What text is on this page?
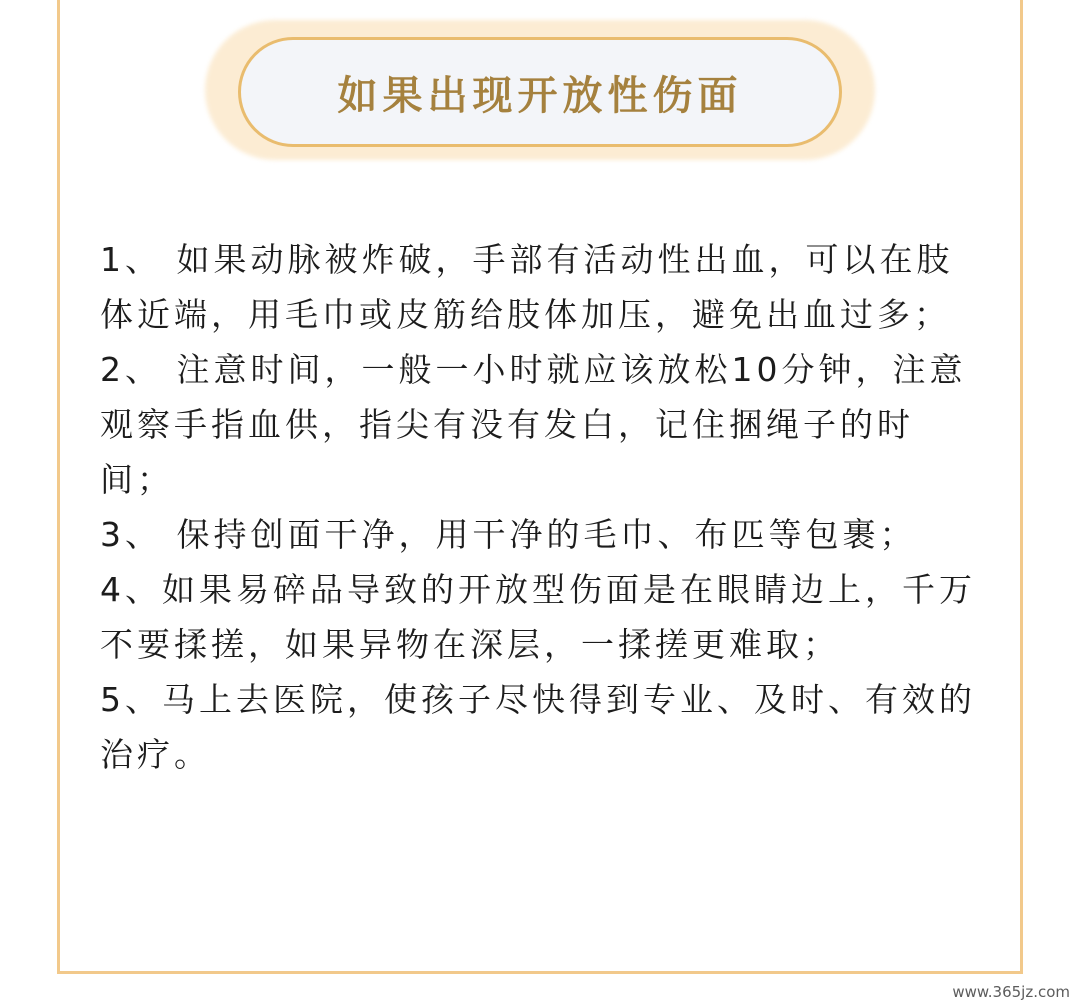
如果出现开放性伤面

1、 如果动脉被炸破，手部有活动性出血，可以在肢体近端，用毛巾或皮筋给肢体加压，避免出血过多；

2、 注意时间，一般一小时就应该放松10分钟，注意观察手指血供，指尖有没有发白，记住捆绳子的时间；

3、 保持创面干净，用干净的毛巾、布匹等包裹；

4、如果易碎品导致的开放型伤面是在眼睛边上，千万不要揉搓，如果异物在深层，一揉搓更难取；

5、马上去医院，使孩子尽快得到专业、及时、有效的治疗。

www.365jz.com
